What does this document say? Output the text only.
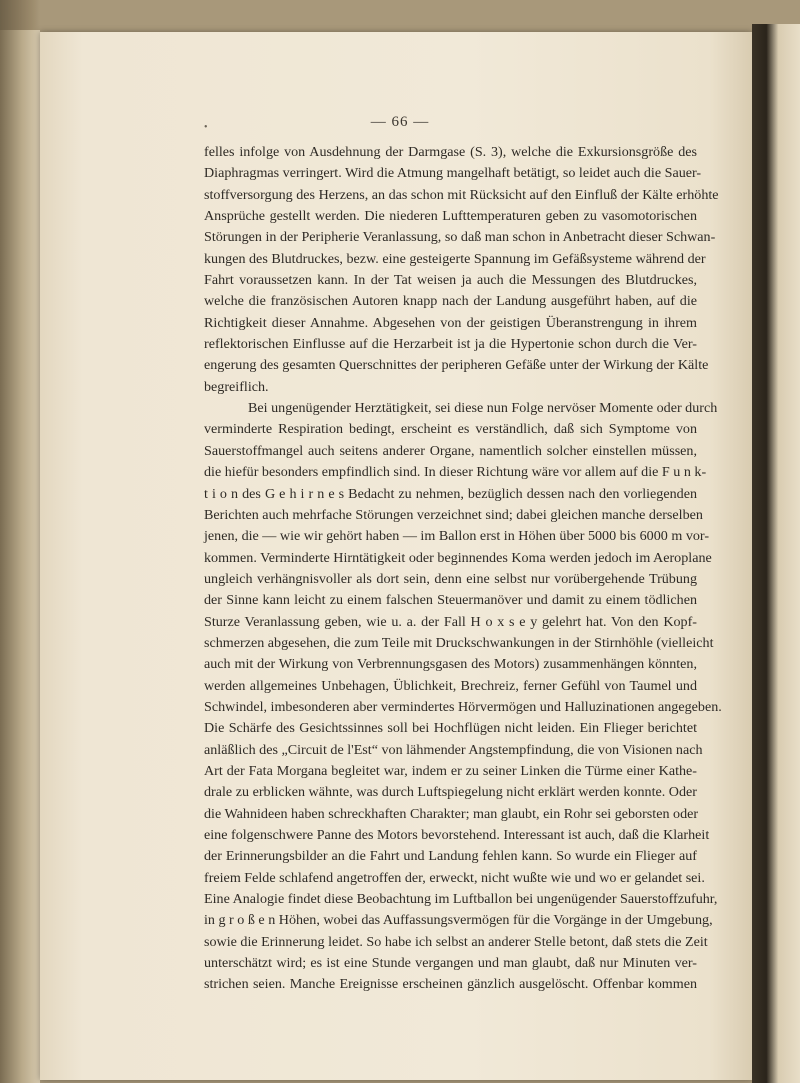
— 66 —
•
felles infolge von Ausdehnung der Darmgase (S. 3), welche die Exkursionsgröße des
Diaphragmas verringert. Wird die Atmung mangelhaft betätigt, so leidet auch die Sauer-
stoffversorgung des Herzens, an das schon mit Rücksicht auf den Einfluß der Kälte erhöhte
Ansprüche gestellt werden. Die niederen Lufttemperaturen geben zu vasomotorischen
Störungen in der Peripherie Veranlassung, so daß man schon in Anbetracht dieser Schwan-
kungen des Blutdruckes, bezw. eine gesteigerte Spannung im Gefäßsysteme während der
Fahrt voraussetzen kann. In der Tat weisen ja auch die Messungen des Blutdruckes,
welche die französischen Autoren knapp nach der Landung ausgeführt haben, auf die
Richtigkeit dieser Annahme. Abgesehen von der geistigen Überanstrengung in ihrem
reflektorischen Einflusse auf die Herzarbeit ist ja die Hypertonie schon durch die Ver-
engerung des gesamten Querschnittes der peripheren Gefäße unter der Wirkung der Kälte
begreiflich.
Bei ungenügender Herztätigkeit, sei diese nun Folge nervöser Momente oder durch
verminderte Respiration bedingt, erscheint es verständlich, daß sich Symptome von
Sauerstoffmangel auch seitens anderer Organe, namentlich solcher einstellen müssen,
die hiefür besonders empfindlich sind. In dieser Richtung wäre vor allem auf die F u n k-
t i o n des G e h i r n e s Bedacht zu nehmen, bezüglich dessen nach den vorliegenden
Berichten auch mehrfache Störungen verzeichnet sind; dabei gleichen manche derselben
jenen, die — wie wir gehört haben — im Ballon erst in Höhen über 5000 bis 6000 m vor-
kommen. Verminderte Hirntätigkeit oder beginnendes Koma werden jedoch im Aeroplane
ungleich verhängnisvoller als dort sein, denn eine selbst nur vorübergehende Trübung
der Sinne kann leicht zu einem falschen Steuermanöver und damit zu einem tödlichen
Sturze Veranlassung geben, wie u. a. der Fall H o x s e y gelehrt hat. Von den Kopf-
schmerzen abgesehen, die zum Teile mit Druckschwankungen in der Stirnhöhle (vielleicht
auch mit der Wirkung von Verbrennungsgasen des Motors) zusammenhängen könnten,
werden allgemeines Unbehagen, Üblichkeit, Brechreiz, ferner Gefühl von Taumel und
Schwindel, imbesonderen aber vermindertes Hörvermögen und Halluzinationen angegeben.
Die Schärfe des Gesichtssinnes soll bei Hochflügen nicht leiden. Ein Flieger berichtet
anläßlich des „Circuit de l'Est“ von lähmender Angstempfindung, die von Visionen nach
Art der Fata Morgana begleitet war, indem er zu seiner Linken die Türme einer Kathe-
drale zu erblicken wähnte, was durch Luftspiegelung nicht erklärt werden konnte. Oder
die Wahnideen haben schreckhaften Charakter; man glaubt, ein Rohr sei geborsten oder
eine folgenschwere Panne des Motors bevorstehend. Interessant ist auch, daß die Klarheit
der Erinnerungsbilder an die Fahrt und Landung fehlen kann. So wurde ein Flieger auf
freiem Felde schlafend angetroffen der, erweckt, nicht wußte wie und wo er gelandet sei.
Eine Analogie findet diese Beobachtung im Luftballon bei ungenügender Sauerstoffzufuhr,
in g r o ß e n Höhen, wobei das Auffassungsvermögen für die Vorgänge in der Umgebung,
sowie die Erinnerung leidet. So habe ich selbst an anderer Stelle betont, daß stets die Zeit
unterschätzt wird; es ist eine Stunde vergangen und man glaubt, daß nur Minuten ver-
strichen seien. Manche Ereignisse erscheinen gänzlich ausgelöscht. Offenbar kommen
